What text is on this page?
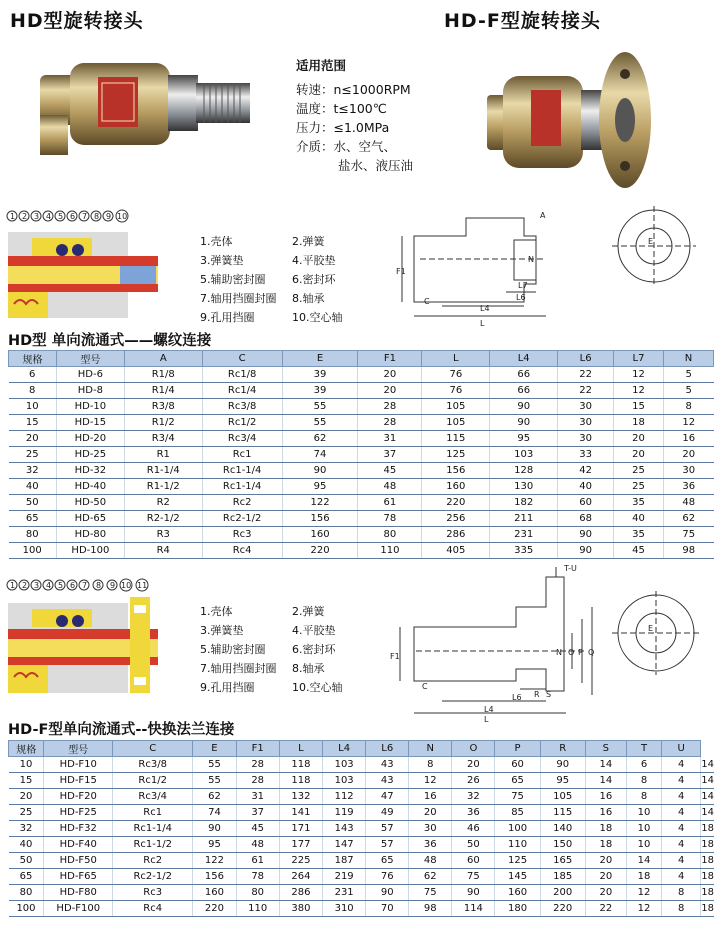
HD型旋转接头	HD-F型旋转接头
适用范围
转速：n≤1000RPM
温度：t≤100℃
压力：≤1.0MPa
介质：水、空气、
盐水、液压油
1 2 3 4 5 6 7 8 9 10
1.壳体	2.弹簧
3.弹簧垫	4.平胶垫
5.辅助密封圈	6.密封环
7.轴用挡圈封圈	8.轴承
9.孔用挡圈	10.空心轴
A
N
F1
L7
L6
L4
L
C
E
HD型 单向流通式——螺纹连接
规格	型号	A	C	E	F1	L	L4	L6	L7	N
6	HD-6	R1/8	Rc1/8	39	20	76	66	22	12	5
8	HD-8	R1/4	Rc1/4	39	20	76	66	22	12	5
10	HD-10	R3/8	Rc3/8	55	28	105	90	30	15	8
15	HD-15	R1/2	Rc1/2	55	28	105	90	30	18	12
20	HD-20	R3/4	Rc3/4	62	31	115	95	30	20	16
25	HD-25	R1	Rc1	74	37	125	103	33	20	20
32	HD-32	R1-1/4	Rc1-1/4	90	45	156	128	42	25	30
40	HD-40	R1-1/2	Rc1-1/4	95	48	160	130	40	25	36
50	HD-50	R2	Rc2	122	61	220	182	60	35	48
65	HD-65	R2-1/2	Rc2-1/2	156	78	256	211	68	40	62
80	HD-80	R3	Rc3	160	80	286	231	90	35	75
100	HD-100	R4	Rc4	220	110	405	335	90	45	98
1 2 3 4 5 6 7 8 9 10 11
1.壳体	2.弹簧
3.弹簧垫	4.平胶垫
5.辅助密封圈	6.密封环
7.轴用挡圈封圈	8.轴承
9.孔用挡圈	10.空心轴
T-U
N O P Q
F1
C
R S
L6
L4
L
E
HD-F型单向流通式--快换法兰连接
规格	型号	C	E	F1	L	L4	L6	N	O	P	R	S	T	U	
10	HD-F10	Rc3/8	55	28	118	103	43	8	20	60	90	14	6	4	14
15	HD-F15	Rc1/2	55	28	118	103	43	12	26	65	95	14	8	4	14
20	HD-F20	Rc3/4	62	31	132	112	47	16	32	75	105	16	8	4	14
25	HD-F25	Rc1	74	37	141	119	49	20	36	85	115	16	10	4	14
32	HD-F32	Rc1-1/4	90	45	171	143	57	30	46	100	140	18	10	4	18
40	HD-F40	Rc1-1/2	95	48	177	147	57	36	50	110	150	18	10	4	18
50	HD-F50	Rc2	122	61	225	187	65	48	60	125	165	20	14	4	18
65	HD-F65	Rc2-1/2	156	78	264	219	76	62	75	145	185	20	18	4	18
80	HD-F80	Rc3	160	80	286	231	90	75	90	160	200	20	12	8	18
100	HD-F100	Rc4	220	110	380	310	70	98	114	180	220	22	12	8	18
